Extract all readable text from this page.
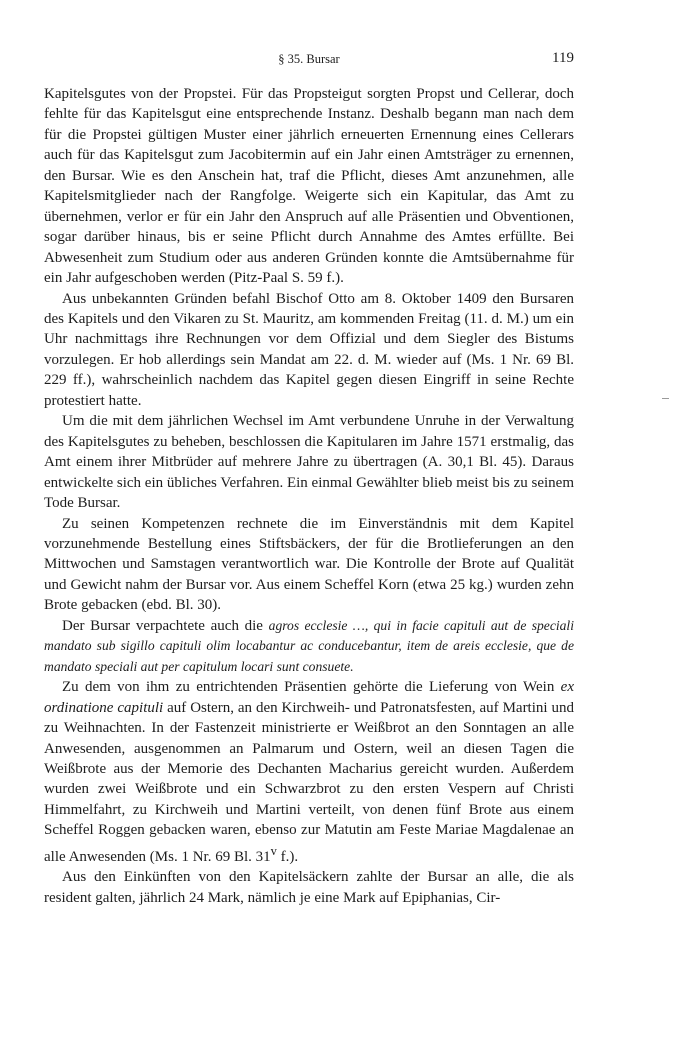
§ 35. Bursar	119

Kapitelsgutes von der Propstei. Für das Propsteigut sorgten Propst und Cellerar, doch fehlte für das Kapitelsgut eine entsprechende Instanz. Deshalb begann man nach dem für die Propstei gültigen Muster einer jährlich erneuerten Ernennung eines Cellerars auch für das Kapitelsgut zum Jacobitermin auf ein Jahr einen Amtsträger zu ernennen, den Bursar. Wie es den Anschein hat, traf die Pflicht, dieses Amt anzunehmen, alle Kapitelsmitglieder nach der Rangfolge. Weigerte sich ein Kapitular, das Amt zu übernehmen, verlor er für ein Jahr den Anspruch auf alle Präsentien und Obventionen, sogar darüber hinaus, bis er seine Pflicht durch Annahme des Amtes erfüllte. Bei Abwesenheit zum Studium oder aus anderen Gründen konnte die Amtsübernahme für ein Jahr aufgeschoben werden (Pitz-Paal S. 59 f.).

Aus unbekannten Gründen befahl Bischof Otto am 8. Oktober 1409 den Bursaren des Kapitels und den Vikaren zu St. Mauritz, am kommenden Freitag (11. d. M.) um ein Uhr nachmittags ihre Rechnungen vor dem Offizial und dem Siegler des Bistums vorzulegen. Er hob allerdings sein Mandat am 22. d. M. wieder auf (Ms. 1 Nr. 69 Bl. 229 ff.), wahrscheinlich nachdem das Kapitel gegen diesen Eingriff in seine Rechte protestiert hatte.

Um die mit dem jährlichen Wechsel im Amt verbundene Unruhe in der Verwaltung des Kapitelsgutes zu beheben, beschlossen die Kapitularen im Jahre 1571 erstmalig, das Amt einem ihrer Mitbrüder auf mehrere Jahre zu übertragen (A. 30,1 Bl. 45). Daraus entwickelte sich ein übliches Verfahren. Ein einmal Gewählter blieb meist bis zu seinem Tode Bursar.

Zu seinen Kompetenzen rechnete die im Einverständnis mit dem Kapitel vorzunehmende Bestellung eines Stiftsbäckers, der für die Brotlieferungen an den Mittwochen und Samstagen verantwortlich war. Die Kontrolle der Brote auf Qualität und Gewicht nahm der Bursar vor. Aus einem Scheffel Korn (etwa 25 kg.) wurden zehn Brote gebacken (ebd. Bl. 30).

Der Bursar verpachtete auch die agros ecclesie …, qui in facie capituli aut de speciali mandato sub sigillo capituli olim locabantur ac conducebantur, item de areis ecclesie, que de mandato speciali aut per capitulum locari sunt consuete.

Zu dem von ihm zu entrichtenden Präsentien gehörte die Lieferung von Wein ex ordinatione capituli auf Ostern, an den Kirchweih- und Patronatsfesten, auf Martini und zu Weihnachten. In der Fastenzeit ministrierte er Weißbrot an den Sonntagen an alle Anwesenden, ausgenommen an Palmarum und Ostern, weil an diesen Tagen die Weißbrote aus der Memorie des Dechanten Macharius gereicht wurden. Außerdem wurden zwei Weißbrote und ein Schwarzbrot zu den ersten Vespern auf Christi Himmelfahrt, zu Kirchweih und Martini verteilt, von denen fünf Brote aus einem Scheffel Roggen gebacken waren, ebenso zur Matutin am Feste Mariae Magdalenae an alle Anwesenden (Ms. 1 Nr. 69 Bl. 31$^v$ f.).

Aus den Einkünften von den Kapitelsäckern zahlte der Bursar an alle, die als resident galten, jährlich 24 Mark, nämlich je eine Mark auf Epiphanias, Cir-
